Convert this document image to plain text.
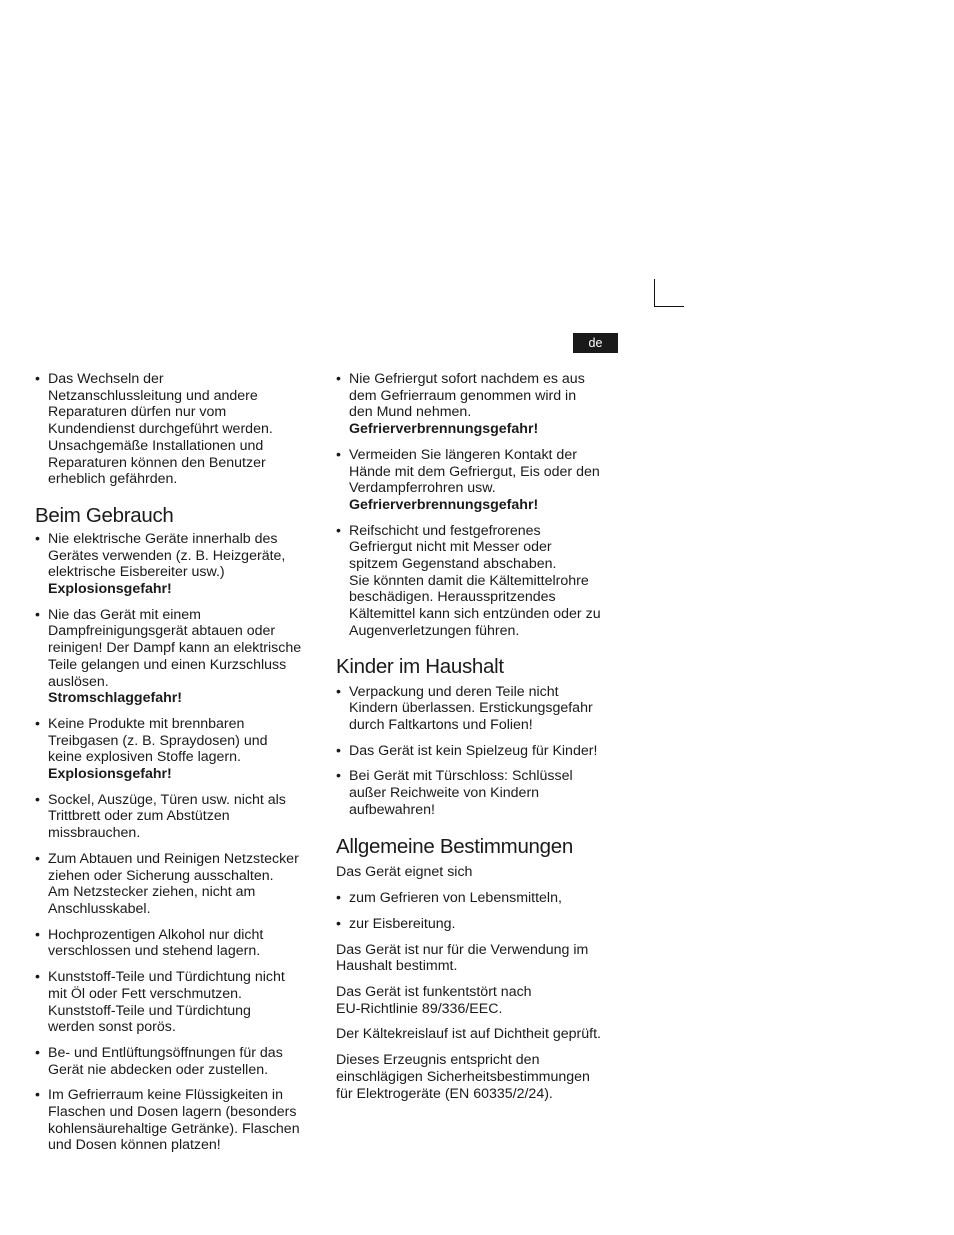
de
• Das Wechseln der
Netzanschlussleitung und andere
Reparaturen dürfen nur vom
Kundendienst durchgeführt werden.
Unsachgemäße Installationen und
Reparaturen können den Benutzer
erheblich gefährden.
Beim Gebrauch
• Nie elektrische Geräte innerhalb des
Gerätes verwenden (z. B. Heizgeräte,
elektrische Eisbereiter usw.)
Explosionsgefahr!
• Nie das Gerät mit einem
Dampfreinigungsgerät abtauen oder
reinigen! Der Dampf kann an elektrische
Teile gelangen und einen Kurzschluss
auslösen.
Stromschlaggefahr!
• Keine Produkte mit brennbaren
Treibgasen (z. B. Spraydosen) und
keine explosiven Stoffe lagern.
Explosionsgefahr!
• Sockel, Auszüge, Türen usw. nicht als
Trittbrett oder zum Abstützen
missbrauchen.
• Zum Abtauen und Reinigen Netzstecker
ziehen oder Sicherung ausschalten.
Am Netzstecker ziehen, nicht am
Anschlusskabel.
• Hochprozentigen Alkohol nur dicht
verschlossen und stehend lagern.
• Kunststoff-Teile und Türdichtung nicht
mit Öl oder Fett verschmutzen.
Kunststoff-Teile und Türdichtung
werden sonst porös.
• Be- und Entlüftungsöffnungen für das
Gerät nie abdecken oder zustellen.
• Im Gefrierraum keine Flüssigkeiten in
Flaschen und Dosen lagern (besonders
kohlensäurehaltige Getränke). Flaschen
und Dosen können platzen!
• Nie Gefriergut sofort nachdem es aus
dem Gefrierraum genommen wird in
den Mund nehmen.
Gefrierverbrennungsgefahr!
• Vermeiden Sie längeren Kontakt der
Hände mit dem Gefriergut, Eis oder den
Verdampferrohren usw.
Gefrierverbrennungsgefahr!
• Reifschicht und festgefrorenes
Gefriergut nicht mit Messer oder
spitzem Gegenstand abschaben.
Sie könnten damit die Kältemittelrohre
beschädigen. Herausspritzendes
Kältemittel kann sich entzünden oder zu
Augenverletzungen führen.
Kinder im Haushalt
• Verpackung und deren Teile nicht
Kindern überlassen. Erstickungsgefahr
durch Faltkartons und Folien!
• Das Gerät ist kein Spielzeug für Kinder!
• Bei Gerät mit Türschloss: Schlüssel
außer Reichweite von Kindern
aufbewahren!
Allgemeine Bestimmungen

Das Gerät eignet sich

• zum Gefrieren von Lebensmitteln,
• zur Eisbereitung.

Das Gerät ist nur für die Verwendung im
Haushalt bestimmt.

Das Gerät ist funkentstört nach
EU-Richtlinie 89/336/EEC.

Der Kältekreislauf ist auf Dichtheit geprüft.

Dieses Erzeugnis entspricht den
einschlägigen Sicherheitsbestimmungen
für Elektrogeräte (EN 60335/2/24).
